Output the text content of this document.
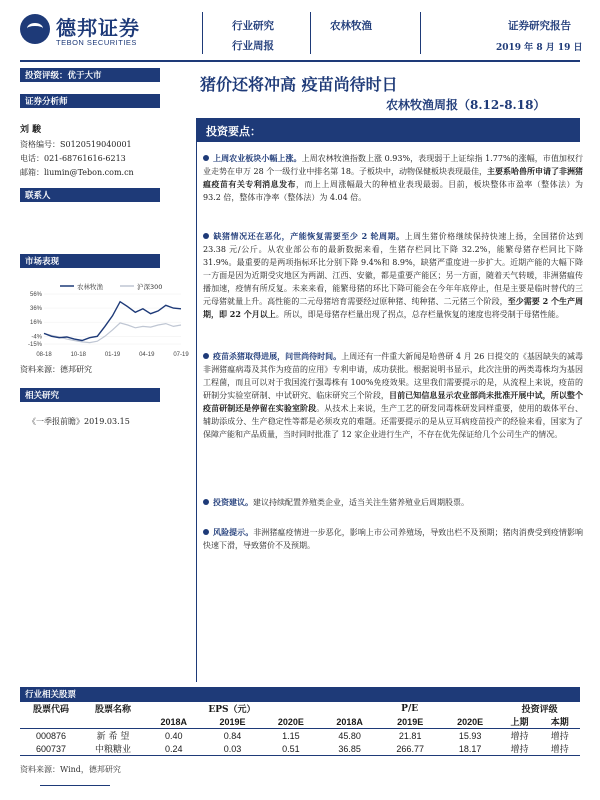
德邦证券
TEBON SECURITIES
行业研究
行业周报
农林牧渔	证券研究报告
2019 年 8 月 19 日
投资评级：优于大市
证券分析师
刘 駿
资格编号：S0120519040001
电话：021-68761616-6213
邮箱：liumin@Tebon.com.cn
联系人
市场表现
农林牧渔	沪深300
56%
36%
16%
-4%
-15%
08-18	10-18	01-19	04-19	07-19
资料来源：德邦研究
相关研究
《一季报前瞻》2019.03.15
猪价还将冲高 疫苗尚待时日
农林牧渔周报（8.12-8.18）
投资要点：
上周农业板块小幅上涨。上周农林牧渔指数上涨 0.93%，表现弱于上证综指 1.77%的涨幅，市值加权行业走势在申万 28 个一级行业中排名第 18。子板块中，动物保健板块表现最佳，主要系哈兽所申请了非洲猪瘟疫苗有关专利消息发布，而上上周涨幅最大的种植业表现最弱。目前，板块整体市盈率（整体法）为 93.2 倍，整体市净率（整体法）为 4.04 倍。
缺猪情况还在恶化，产能恢复需要至少 2 轮周期。上周生猪价格继续保持快速上扬，全国猪价达到 23.38 元/公斤。从农业部公布的最新数据来看，生猪存栏同比下降 32.2%，能繁母猪存栏同比下降 31.9%。最重要的是两项指标环比分别下降 9.4%和 8.9%，缺猪严重度进一步扩大。近期产能的大幅下降一方面是因为近期受灾地区为两湖、江西、安徽，都是重要产能区；另一方面，随着天气转暖，非洲猪瘟传播加速，疫情有所反复。未来来看，能繁母猪的环比下降可能会在今年年底停止，但是主要是临时替代的三元母猪就量上升。高性能的二元母猪培育需要经过原种猪、纯种猪、二元猪三个阶段，至少需要 2 个生产周期，即 22 个月以上。所以，即是母猪存栏量出现了拐点，总存栏量恢复的速度也将受制于母猪性能。
疫苗杀猪取得进展，问世尚待时间。上周还有一件重大新闻是哈兽研 4 月 26 日提交的《基因缺失的减毒非洲猪瘟病毒及其作为疫苗的应用》专利申请，成功获批。根据说明书显示，此次注册的两类毒株均为基因工程菌，而且可以对于我国流行强毒株有 100%免疫效果。这里我们需要提示的是，从流程上来说，疫苗的研制分实验室研制、中试研究、临床研究三个阶段，目前已知信息显示农业部尚未批准开展中试，所以整个疫苗研制还是停留在实验室阶段。从技术上来说，生产工艺的研发同毒株研发同样重要，使用的载体平台、辅助添成分、生产稳定性等都是必须攻克的难题。还需要提示的是从豆耳病疫苗投产的经验来看，国家为了保障产能和产品质量，当时同时批准了 12 家企业进行生产，不存在优先保证给几个公司生产的情况。
投资建议。建议持续配置养殖类企业，适当关注生猪养殖业后周期股票。
风险提示。非洲猪瘟疫情进一步恶化，影响上市公司养殖场，导致出栏不及预期；猪肉消费受到疫情影响快速下滑，导致猪价不及预期。
行业相关股票
股票代码	股票名称	EPS（元）			P/E			投资评级	
		2018A	2019E	2020E	2018A	2019E	2020E	上期	本期
000876	新 希 望	0.40	0.84	1.15	45.80	21.81	15.93	增持	增持
600737	中粮糖业	0.24	0.03	0.51	36.85	266.77	18.17	增持	增持
资料来源：Wind，德邦研究
